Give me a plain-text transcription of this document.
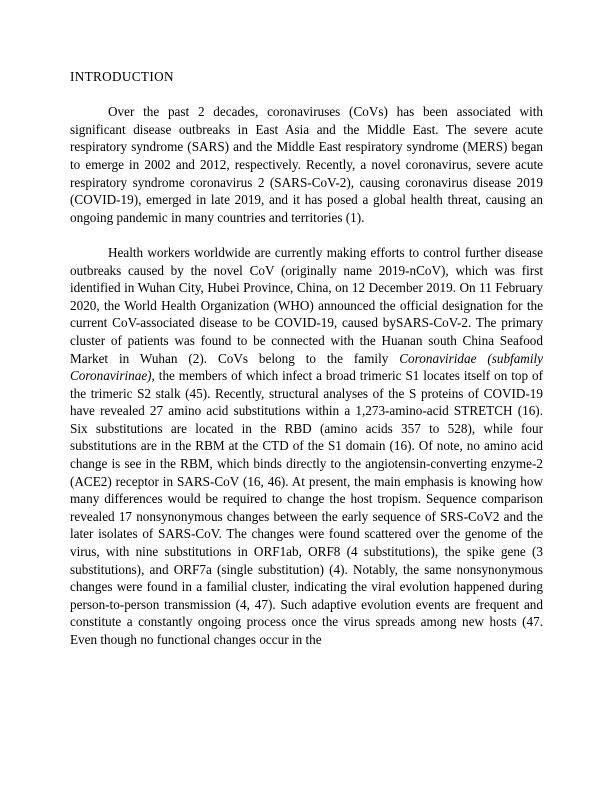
INTRODUCTION

Over the past 2 decades, coronaviruses (CoVs) has been associated with significant disease outbreaks in East Asia and the Middle East. The severe acute respiratory syndrome (SARS) and the Middle East respiratory syndrome (MERS) began to emerge in 2002 and 2012, respectively. Recently, a novel coronavirus, severe acute respiratory syndrome coronavirus 2 (SARS-CoV-2), causing coronavirus disease 2019 (COVID-19), emerged in late 2019, and it has posed a global health threat, causing an ongoing pandemic in many countries and territories (1).

Health workers worldwide are currently making efforts to control further disease outbreaks caused by the novel CoV (originally name 2019-nCoV), which was first identified in Wuhan City, Hubei Province, China, on 12 December 2019. On 11 February 2020, the World Health Organization (WHO) announced the official designation for the current CoV-associated disease to be COVID-19, caused bySARS-CoV-2. The primary cluster of patients was found to be connected with the Huanan south China Seafood Market in Wuhan (2). CoVs belong to the family Coronaviridae (subfamily Coronavirinae), the members of which infect a broad trimeric S1 locates itself on top of the trimeric S2 stalk (45). Recently, structural analyses of the S proteins of COVID-19 have revealed 27 amino acid substitutions within a 1,273-amino-acid STRETCH (16). Six substitutions are located in the RBD (amino acids 357 to 528), while four substitutions are in the RBM at the CTD of the S1 domain (16). Of note, no amino acid change is see in the RBM, which binds directly to the angiotensin-converting enzyme-2 (ACE2) receptor in SARS-CoV (16, 46). At present, the main emphasis is knowing how many differences would be required to change the host tropism. Sequence comparison revealed 17 nonsynonymous changes between the early sequence of SRS-CoV2 and the later isolates of SARS-CoV. The changes were found scattered over the genome of the virus, with nine substitutions in ORF1ab, ORF8 (4 substitutions), the spike gene (3 substitutions), and ORF7a (single substitution) (4). Notably, the same nonsynonymous changes were found in a familial cluster, indicating the viral evolution happened during person-to-person transmission (4, 47). Such adaptive evolution events are frequent and constitute a constantly ongoing process once the virus spreads among new hosts (47. Even though no functional changes occur in the
